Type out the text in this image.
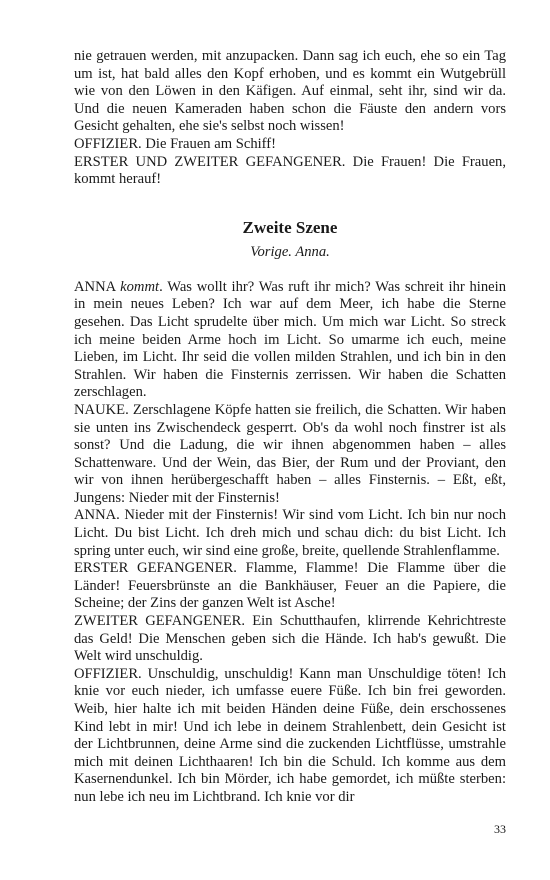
nie getrauen werden, mit anzupacken. Dann sag ich euch, ehe so ein Tag um ist, hat bald alles den Kopf erhoben, und es kommt ein Wutgebrüll wie von den Löwen in den Käfigen. Auf einmal, seht ihr, sind wir da. Und die neuen Kameraden haben schon die Fäuste den andern vors Gesicht gehalten, ehe sie's selbst noch wissen!

OFFIZIER. Die Frauen am Schiff!

ERSTER UND ZWEITER GEFANGENER. Die Frauen! Die Frauen, kommt herauf!

Zweite Szene
Vorige. Anna.

ANNA kommt. Was wollt ihr? Was ruft ihr mich? Was schreit ihr hinein in mein neues Leben? Ich war auf dem Meer, ich habe die Sterne gesehen. Das Licht sprudelte über mich. Um mich war Licht. So streck ich meine beiden Arme hoch im Licht. So umarme ich euch, meine Lieben, im Licht. Ihr seid die vollen milden Strahlen, und ich bin in den Strahlen. Wir haben die Finsternis zerrissen. Wir haben die Schatten zerschlagen.

NAUKE. Zerschlagene Köpfe hatten sie freilich, die Schatten. Wir haben sie unten ins Zwischendeck gesperrt. Ob's da wohl noch finstrer ist als sonst? Und die Ladung, die wir ihnen abgenommen haben – alles Schattenware. Und der Wein, das Bier, der Rum und der Proviant, den wir von ihnen herübergeschafft haben – alles Finsternis. – Eßt, eßt, Jungens: Nieder mit der Finsternis!

ANNA. Nieder mit der Finsternis! Wir sind vom Licht. Ich bin nur noch Licht. Du bist Licht. Ich dreh mich und schau dich: du bist Licht. Ich spring unter euch, wir sind eine große, breite, quellende Strahlenflamme.

ERSTER GEFANGENER. Flamme, Flamme! Die Flamme über die Länder! Feuersbrünste an die Bankhäuser, Feuer an die Papiere, die Scheine; der Zins der ganzen Welt ist Asche!

ZWEITER GEFANGENER. Ein Schutthaufen, klirrende Kehrichtreste das Geld! Die Menschen geben sich die Hände. Ich hab's gewußt. Die Welt wird unschuldig.

OFFIZIER. Unschuldig, unschuldig! Kann man Unschuldige töten! Ich knie vor euch nieder, ich umfasse euere Füße. Ich bin frei geworden. Weib, hier halte ich mit beiden Händen deine Füße, dein erschossenes Kind lebt in mir! Und ich lebe in deinem Strahlenbett, dein Gesicht ist der Lichtbrunnen, deine Arme sind die zuckenden Lichtflüsse, umstrahle mich mit deinen Lichthaaren! Ich bin die Schuld. Ich komme aus dem Kasernendunkel. Ich bin Mörder, ich habe gemordet, ich müßte sterben: nun lebe ich neu im Lichtbrand. Ich knie vor dir

33
